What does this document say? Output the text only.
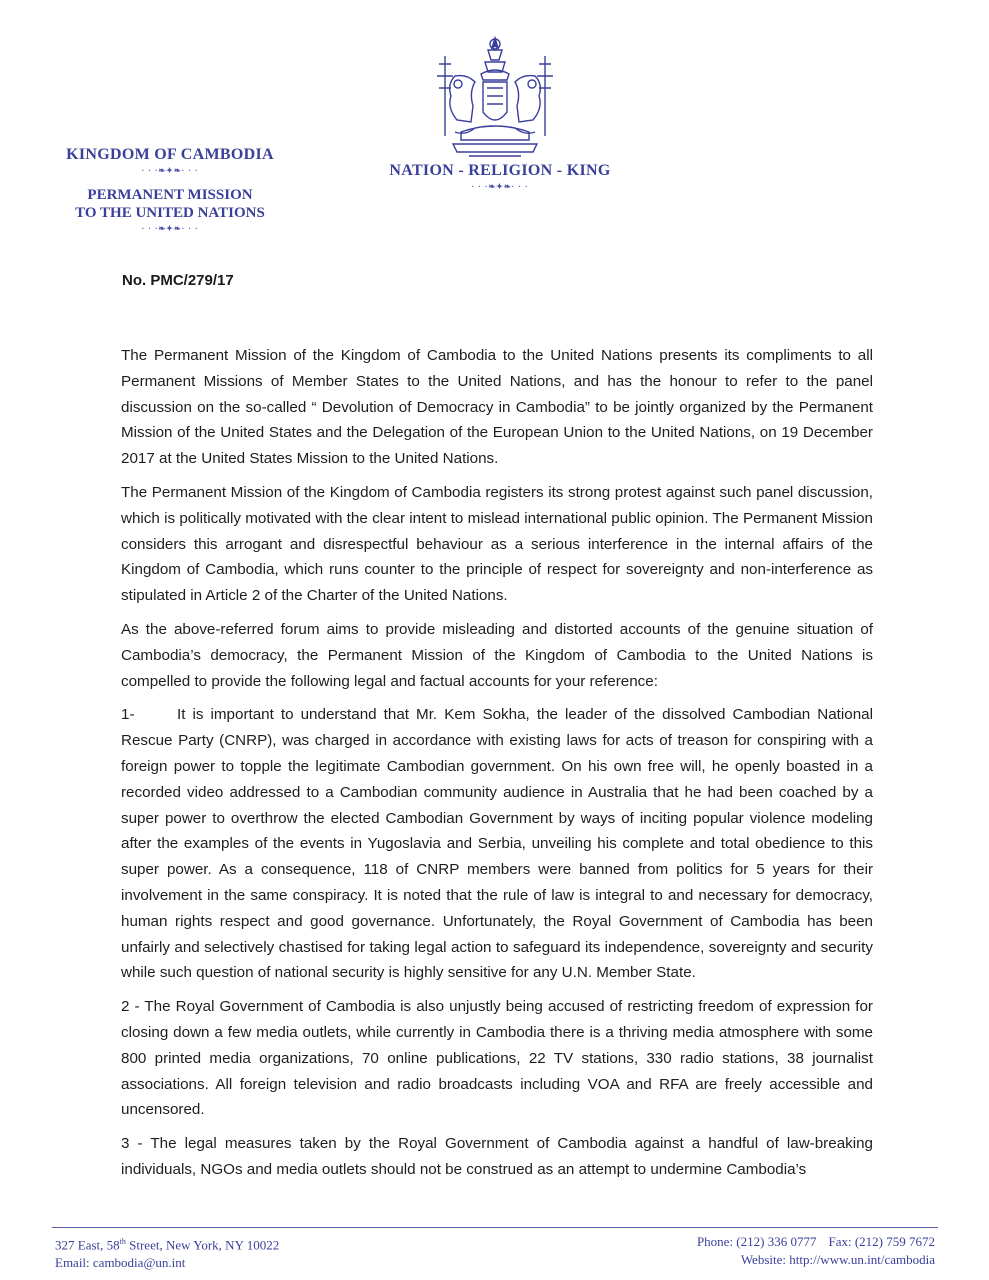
KINGDOM OF CAMBODIA
· · ·❧✦❧· · ·
PERMANENT MISSION
TO THE UNITED NATIONS
· · ·❧✦❧· · ·
NATION - RELIGION - KING
· · ·❧✦❧· · ·
No. PMC/279/17

The Permanent Mission of the Kingdom of Cambodia to the United Nations presents its compliments to all Permanent Missions of Member States to the United Nations, and has the honour to refer to the panel discussion on the so-called “ Devolution of Democracy in Cambodia” to be jointly organized by the Permanent Mission of the United States and the Delegation of the European Union to the United Nations, on 19 December 2017 at the United States Mission to the United Nations.

The Permanent Mission of the Kingdom of Cambodia registers its strong protest against such panel discussion, which is politically motivated with the clear intent to mislead international public opinion. The Permanent Mission considers this arrogant and disrespectful behaviour as a serious interference in the internal affairs of the Kingdom of Cambodia, which runs counter to the principle of respect for sovereignty and non-interference as stipulated in Article 2 of the Charter of the United Nations.

As the above-referred forum aims to provide misleading and distorted accounts of the genuine situation of Cambodia’s democracy, the Permanent Mission of the Kingdom of Cambodia to the United Nations is compelled to provide the following legal and factual accounts for your reference:

1-	It is important to understand that Mr. Kem Sokha, the leader of the dissolved Cambodian National Rescue Party (CNRP), was charged in accordance with existing laws for acts of treason for conspiring with a foreign power to topple the legitimate Cambodian government. On his own free will, he openly boasted in a recorded video addressed to a Cambodian community audience in Australia that he had been coached by a super power to overthrow the elected Cambodian Government by ways of inciting popular violence modeling after the examples of the events in Yugoslavia and Serbia, unveiling his complete and total obedience to this super power. As a consequence, 118 of CNRP members were banned from politics for 5 years for their involvement in the same conspiracy. It is noted that the rule of law is integral to and necessary for democracy, human rights respect and good governance. Unfortunately, the Royal Government of Cambodia has been unfairly and selectively chastised for taking legal action to safeguard its independence, sovereignty and security while such question of national security is highly sensitive for any U.N. Member State.

2 - The Royal Government of Cambodia is also unjustly being accused of restricting freedom of expression for closing down a few media outlets, while currently in Cambodia there is a thriving media atmosphere with some 800 printed media organizations, 70 online publications, 22 TV stations, 330 radio stations, 38 journalist associations. All foreign television and radio broadcasts including VOA and RFA are freely accessible and uncensored.

3 - The legal measures taken by the Royal Government of Cambodia against a handful of law-breaking individuals, NGOs and media outlets should not be construed as an attempt to undermine Cambodia’s

327 East, 58th Street, New York, NY 10022
Email: cambodia@un.int
Phone: (212) 336 0777 Fax: (212) 759 7672
Website: http://www.un.int/cambodia
